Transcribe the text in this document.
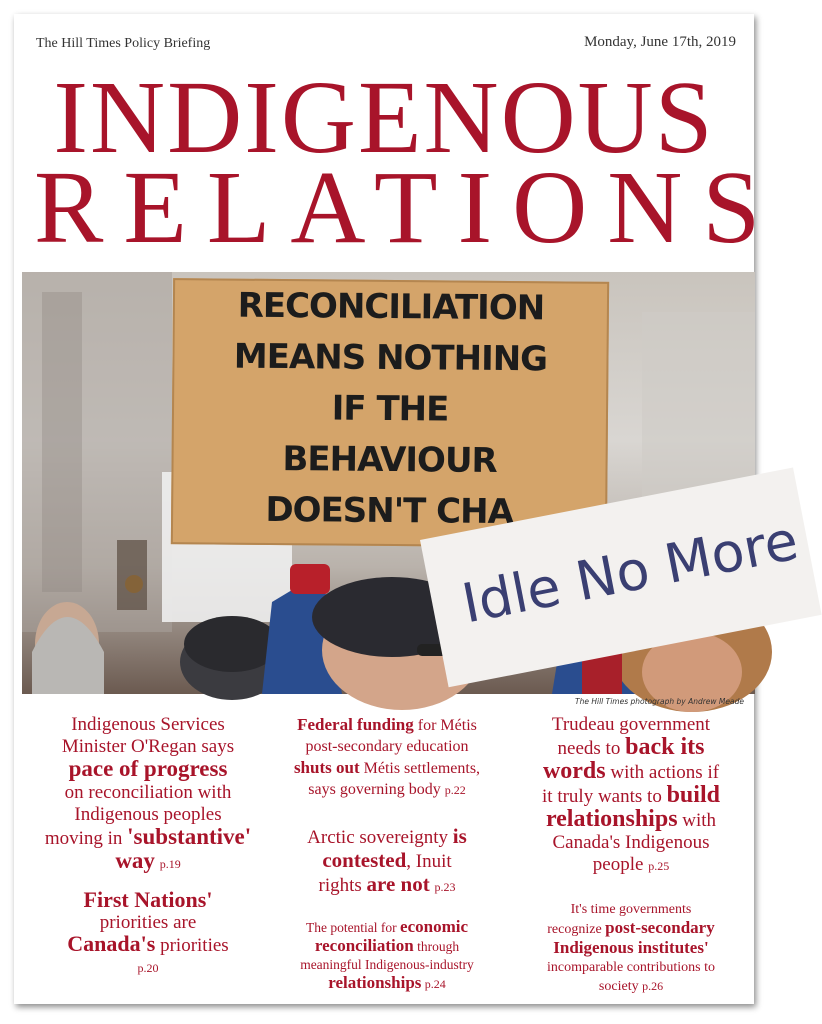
The Hill Times Policy Briefing	Monday, June 17th, 2019
INDIGENOUS
RELATIONS
RECONCILIATION
MEANS NOTHING
IF THE
BEHAVIOUR
DOESN'T CHA
Idle No More
The Hill Times photograph by Andrew Meade
Indigenous Services
Minister O'Regan says
pace of progress
on reconciliation with
Indigenous peoples
moving in 'substantive'
way p.19
First Nations'
priorities are
Canada's priorities
p.20
Federal funding for Métis
post-secondary education
shuts out Métis settlements,
says governing body p.22
Arctic sovereignty is
contested, Inuit
rights are not p.23
The potential for economic
reconciliation through
meaningful Indigenous-industry
relationships p.24
Trudeau government
needs to back its
words with actions if
it truly wants to build
relationships with
Canada's Indigenous
people p.25
It's time governments
recognize post-secondary
Indigenous institutes'
incomparable contributions to
society p.26
